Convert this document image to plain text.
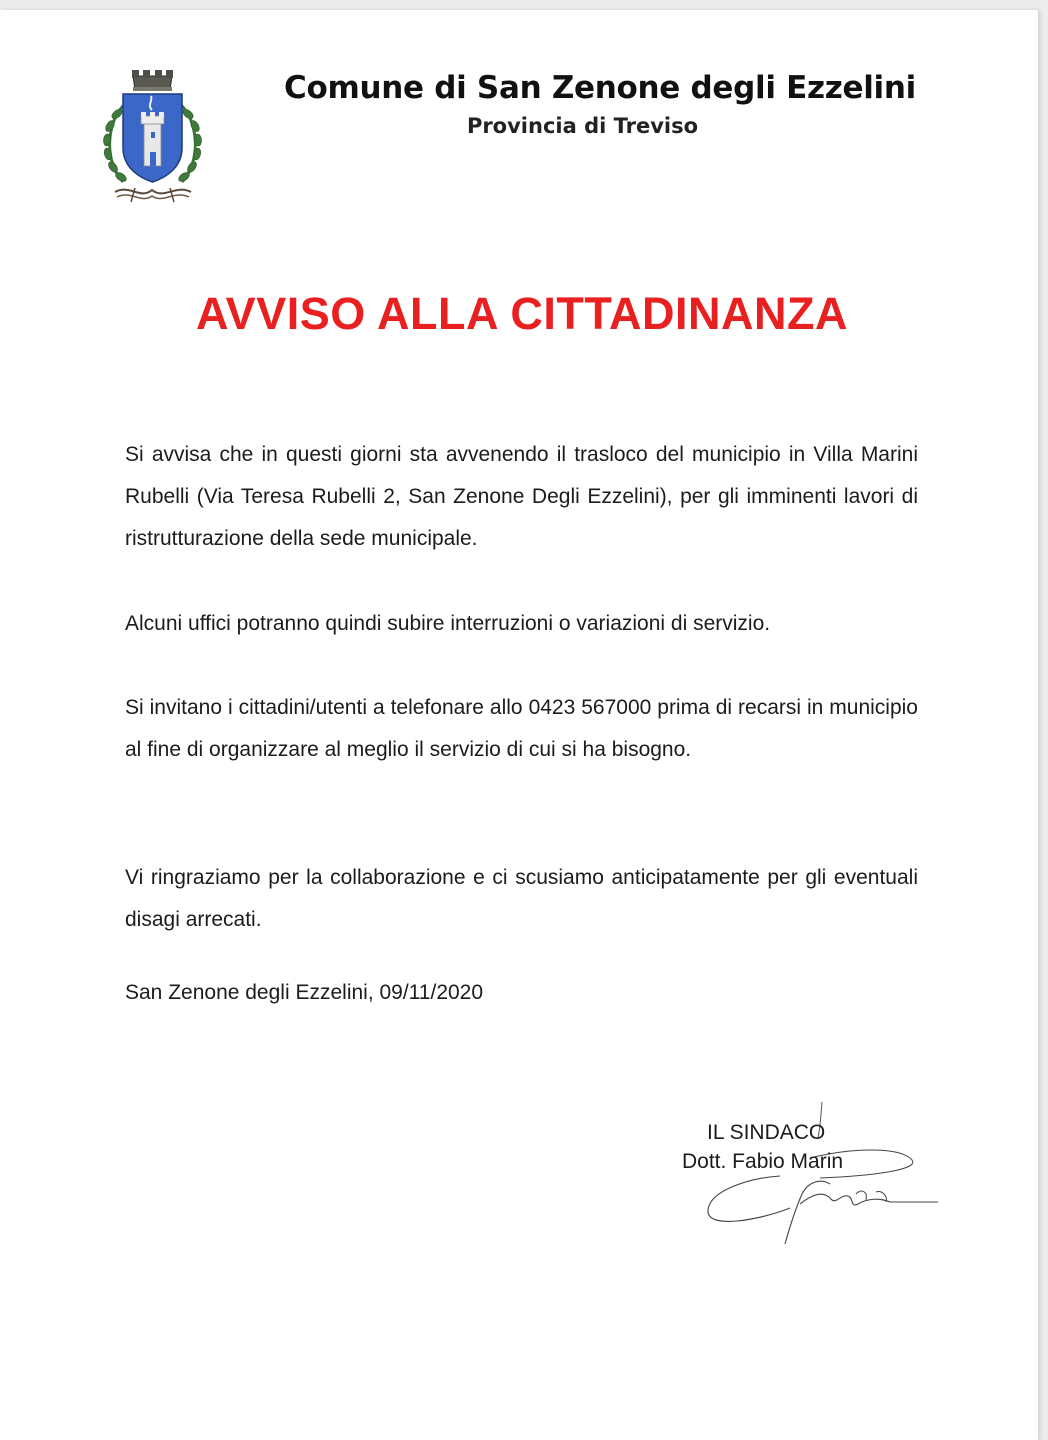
Comune di San Zenone degli Ezzelini
Provincia di Treviso
AVVISO ALLA CITTADINANZA
Si avvisa che in questi giorni sta avvenendo il trasloco del municipio in Villa Marini Rubelli (Via Teresa Rubelli 2, San Zenone Degli Ezzelini), per gli imminenti lavori di ristrutturazione della sede municipale.
Alcuni uffici potranno quindi subire interruzioni o variazioni di servizio.
Si invitano i cittadini/utenti a telefonare allo 0423 567000 prima di recarsi in municipio al fine di organizzare al meglio il servizio di cui si ha bisogno.
Vi ringraziamo per la collaborazione e ci scusiamo anticipatamente per gli eventuali disagi arrecati.
San Zenone degli Ezzelini, 09/11/2020
IL SINDACO
Dott. Fabio Marin
